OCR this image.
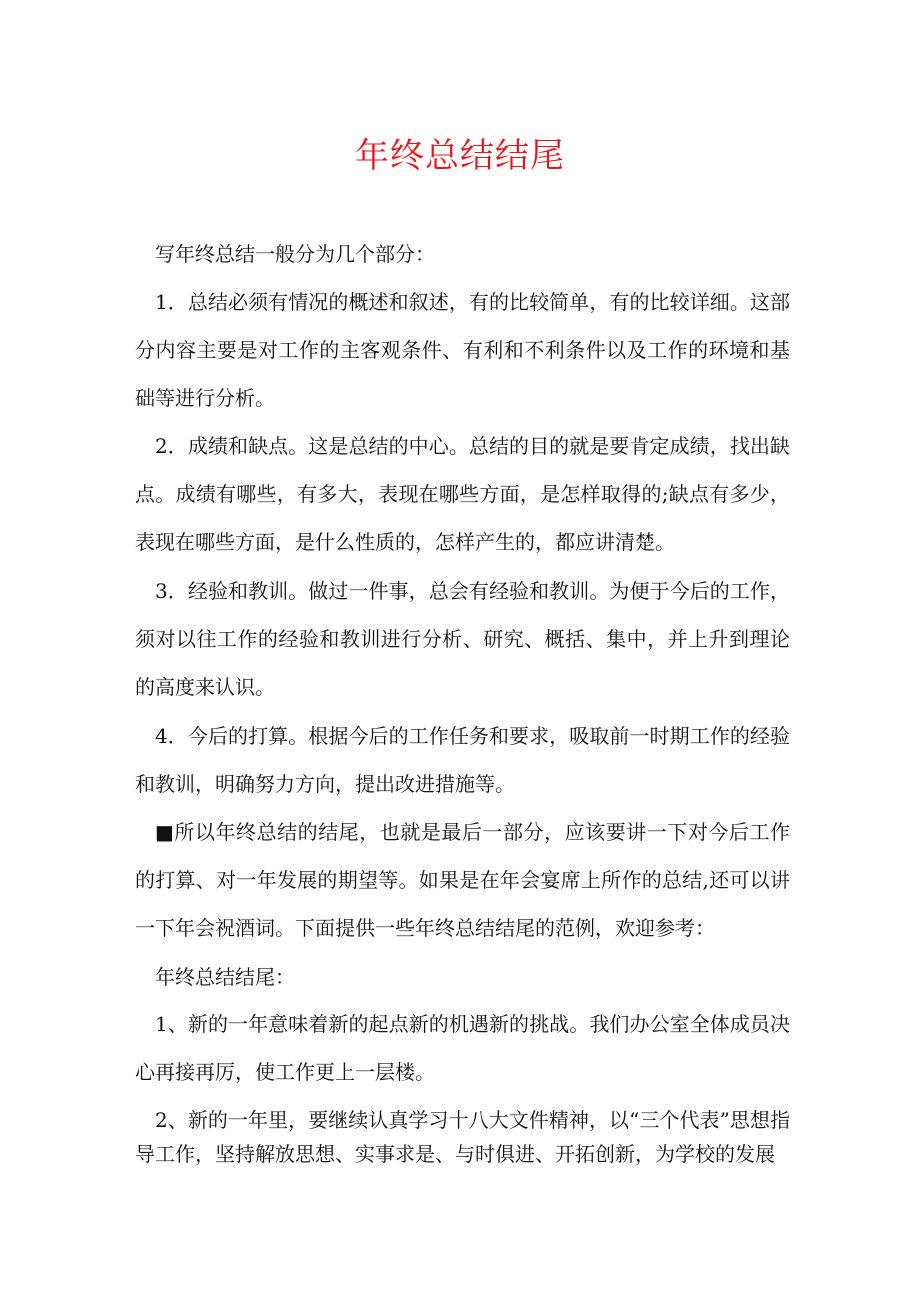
年终总结结尾

写年终总结一般分为几个部分：

1．总结必须有情况的概述和叙述，有的比较简单，有的比较详细。这部分内容主要是对工作的主客观条件、有利和不利条件以及工作的环境和基础等进行分析。

2．成绩和缺点。这是总结的中心。总结的目的就是要肯定成绩，找出缺点。成绩有哪些，有多大，表现在哪些方面，是怎样取得的;缺点有多少，表现在哪些方面，是什么性质的，怎样产生的，都应讲清楚。

3．经验和教训。做过一件事，总会有经验和教训。为便于今后的工作，须对以往工作的经验和教训进行分析、研究、概括、集中，并上升到理论的高度来认识。

4．今后的打算。根据今后的工作任务和要求，吸取前一时期工作的经验和教训，明确努力方向，提出改进措施等。

■所以年终总结的结尾，也就是最后一部分，应该要讲一下对今后工作的打算、对一年发展的期望等。如果是在年会宴席上所作的总结,还可以讲一下年会祝酒词。下面提供一些年终总结结尾的范例，欢迎参考：

年终总结结尾：

1、新的一年意味着新的起点新的机遇新的挑战。我们办公室全体成员决心再接再厉，使工作更上一层楼。

2、新的一年里，要继续认真学习十八大文件精神，以“三个代表”思想指导工作，坚持解放思想、实事求是、与时俱进、开拓创新，为学校的发展
